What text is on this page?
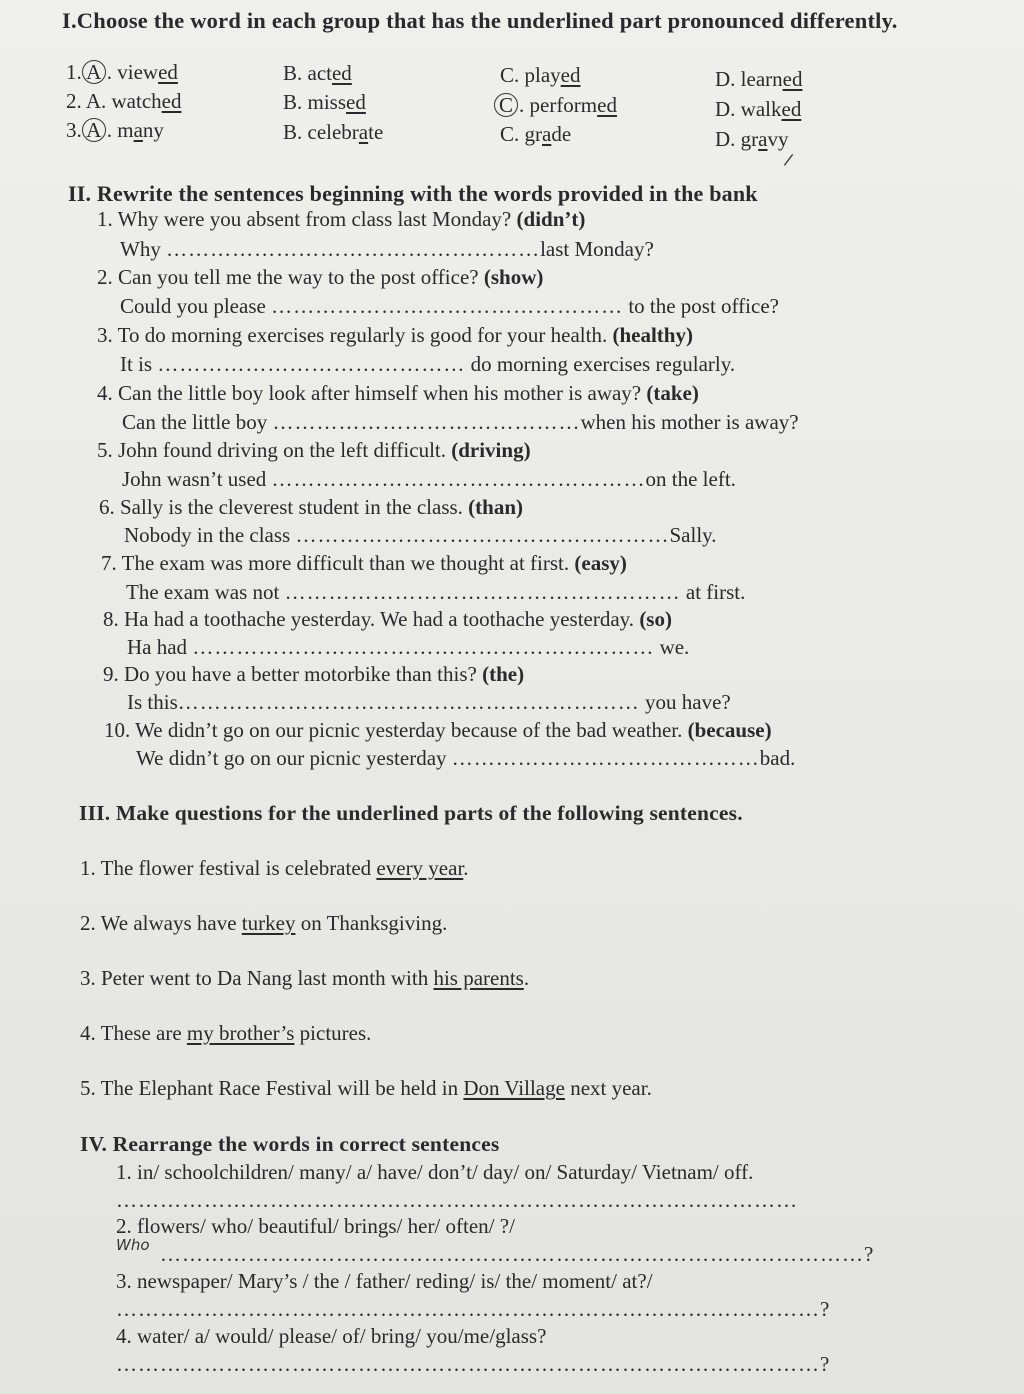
I.Choose the word in each group that has the underlined part pronounced differently.
1. A . viewed	B. acted	C. played	D. learned
2. A. watched	B. missed	C . performed	D. walked
3. A . many	B. celebrate	C. grade	D. gravy
/
II. Rewrite the sentences beginning with the words provided in the bank
1. Why were you absent from class last Monday? (didn’t)
Why ……………………………………………last Monday?
2. Can you tell me the way to the post office? (show)
Could you please ………………………………………… to the post office?
3. To do morning exercises regularly is good for your health. (healthy)
It is …………………………………… do morning exercises regularly.
4. Can the little boy look after himself when his mother is away? (take)
Can the little boy ……………………………………when his mother is away?
5. John found driving on the left difficult. (driving)
John wasn’t used ……………………………………………on the left.
6. Sally is the cleverest student in the class. (than)
Nobody in the class ……………………………………………Sally.
7. The exam was more difficult than we thought at first. (easy)
The exam was not ……………………………………………… at first.
8. Ha had a toothache yesterday. We had a toothache yesterday. (so)
Ha had ……………………………………………………… we.
9. Do you have a better motorbike than this? (the)
Is this……………………………………………………… you have?
10. We didn’t go on our picnic yesterday because of the bad weather. (because)
We didn’t go on our picnic yesterday ……………………………………bad.
III. Make questions for the underlined parts of the following sentences.
1. The flower festival is celebrated every year.
2. We always have turkey on Thanksgiving.
3. Peter went to Da Nang last month with his parents.
4. These are my brother’s pictures.
5. The Elephant Race Festival will be held in Don Village next year.
IV. Rearrange the words in correct sentences
1. in/ schoolchildren/ many/ a/ have/ don’t/ day/ on/ Saturday/ Vietnam/ off.
…………………………………………………………………………………
2. flowers/ who/ beautiful/ brings/ her/ often/ ?/
Who ……………………………………………………………………………………?
3. newspaper/ Mary’s / the / father/ reding/ is/ the/ moment/ at?/
……………………………………………………………………………………?
4. water/ a/ would/ please/ of/ bring/ you/me/glass?
……………………………………………………………………………………?
